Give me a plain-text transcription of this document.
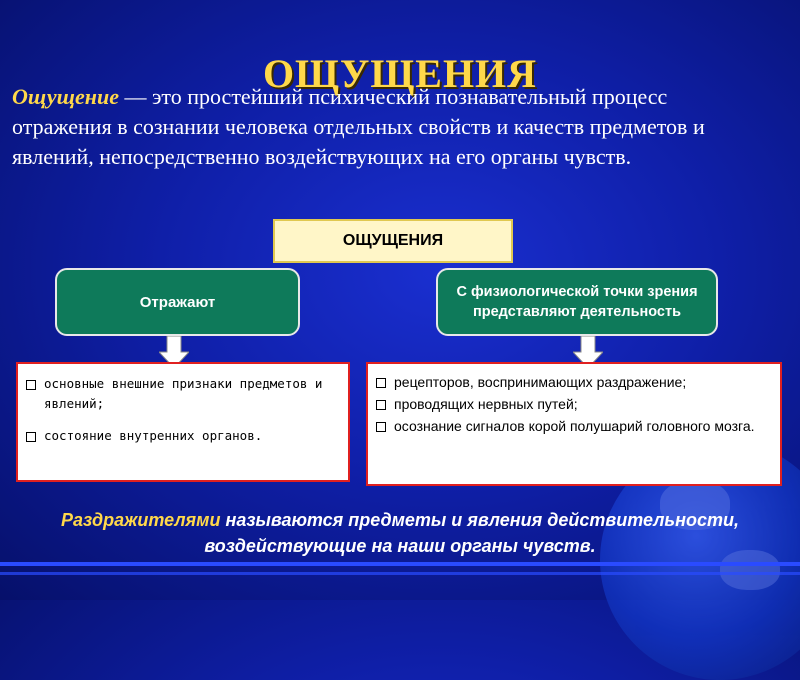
ОЩУЩЕНИЯ
Ощущение — это простейший психический познавательный процесс отражения в сознании человека отдельных свойств и качеств предметов и явлений, непосредственно воздействующих на его органы чувств.
ОЩУЩЕНИЯ
Отражают
С физиологической точки зрения представляют деятельность
основные внешние признаки предметов и явлений;
состояние внутренних органов.
рецепторов, воспринимающих раздражение;
проводящих нервных путей;
осознание сигналов корой полушарий головного мозга.
Раздражителями называются предметы и явления действительности, воздействующие на наши органы чувств.
